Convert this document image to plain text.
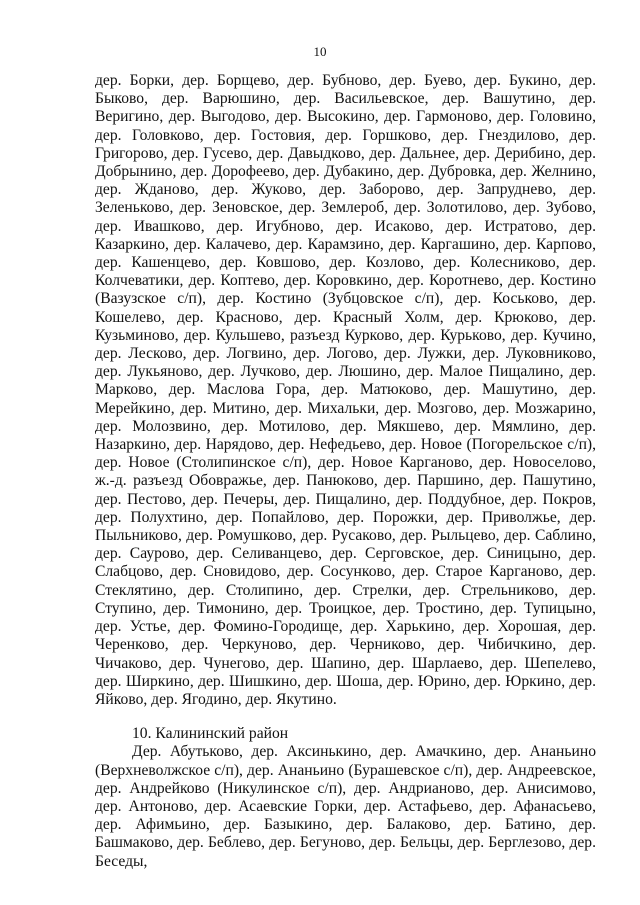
10

дер. Борки, дер. Борщево, дер. Бубново, дер. Буево, дер. Букино, дер. Быково, дер. Варюшино, дер. Васильевское, дер. Вашутино, дер. Веригино, дер. Выгодово, дер. Высокино, дер. Гармоново, дер. Головино, дер. Головково, дер. Гостовия, дер. Горшково, дер. Гнездилово, дер. Григорово, дер. Гусево, дер. Давыдково, дер. Дальнее, дер. Дерибино, дер. Добрынино, дер. Дорофеево, дер. Дубакино, дер. Дубровка, дер. Желнино, дер. Жданово, дер. Жуково, дер. Заборово, дер. Запруднево, дер. Зеленьково, дер. Зеновское, дер. Землероб, дер. Золотилово, дер. Зубово, дер. Ивашково, дер. Игубново, дер. Исаково, дер. Истратово, дер. Казаркино, дер. Калачево, дер. Карамзино, дер. Каргашино, дер. Карпово, дер. Кашенцево, дер. Ковшово, дер. Козлово, дер. Колесниково, дер. Колчеватики, дер. Коптево, дер. Коровкино, дер. Коротнево, дер. Костино (Вазузское с/п), дер. Костино (Зубцовское с/п), дер. Коськово, дер. Кошелево, дер. Красново, дер. Красный Холм, дер. Крюково, дер. Кузьминово, дер. Кульшево, разъезд Курково, дер. Курьково, дер. Кучино, дер. Лесково, дер. Логвино, дер. Логово, дер. Лужки, дер. Луковниково, дер. Лукьяново, дер. Лучково, дер. Люшино, дер. Малое Пищалино, дер. Марково, дер. Маслова Гора, дер. Матюково, дер. Машутино, дер. Мерейкино, дер. Митино, дер. Михальки, дер. Мозгово, дер. Мозжарино, дер. Молозвино, дер. Мотилово, дер. Мякшево, дер. Мямлино, дер. Назаркино, дер. Нарядово, дер. Нефедьево, дер. Новое (Погорельское с/п), дер. Новое (Столипинское с/п), дер. Новое Карганово, дер. Новоселово, ж.-д. разъезд Обовражье, дер. Панюково, дер. Паршино, дер. Пашутино, дер. Пестово, дер. Печеры, дер. Пищалино, дер. Поддубное, дер. Покров, дер. Полухтино, дер. Попайлово, дер. Порожки, дер. Приволжье, дер. Пыльниково, дер. Ромушково, дер. Русаково, дер. Рыльцево, дер. Саблино, дер. Саурово, дер. Селиванцево, дер. Серговское, дер. Синицыно, дер. Слабцово, дер. Сновидово, дер. Сосунково, дер. Старое Карганово, дер. Стеклятино, дер. Столипино, дер. Стрелки, дер. Стрельниково, дер. Ступино, дер. Тимонино, дер. Троицкое, дер. Тростино, дер. Тупицыно, дер. Устье, дер. Фомино-Городище, дер. Харькино, дер. Хорошая, дер. Черенково, дер. Черкуново, дер. Черниково, дер. Чибичкино, дер. Чичаково, дер. Чунегово, дер. Шапино, дер. Шарлаево, дер. Шепелево, дер. Ширкино, дер. Шишкино, дер. Шоша, дер. Юрино, дер. Юркино, дер. Яйково, дер. Ягодино, дер. Якутино.

10. Калининский район

Дер. Абутьково, дер. Аксинькино, дер. Амачкино, дер. Ананьино (Верхневолжское с/п), дер. Ананьино (Бурашевское с/п), дер. Андреевское, дер. Андрейково (Никулинское с/п), дер. Андрианово, дер. Анисимово, дер. Антоново, дер. Асаевские Горки, дер. Астафьево, дер. Афанасьево, дер. Афимьино, дер. Базыкино, дер. Балаково, дер. Батино, дер. Башмаково, дер. Беблево, дер. Бегуново, дер. Бельцы, дер. Берглезово, дер. Беседы,
